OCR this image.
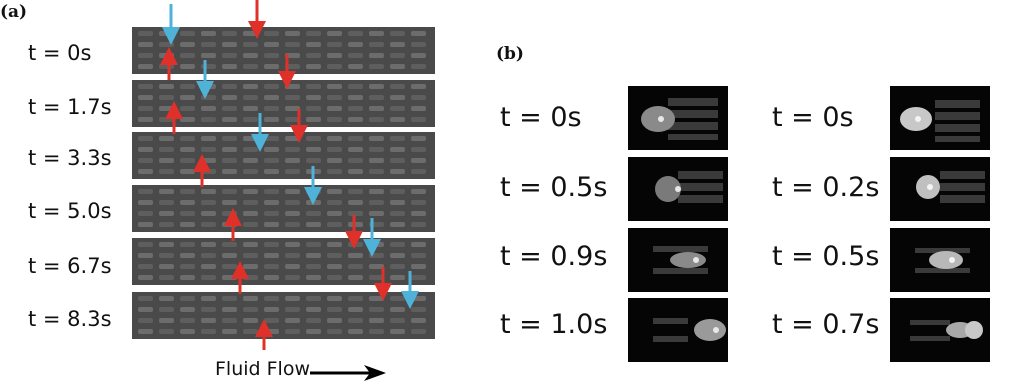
(a)
(b)
t = 0s
t = 1.7s
t = 3.3s
t = 5.0s
t = 6.7s
t = 8.3s
Fluid Flow
t = 0s
t = 0.5s
t = 0.9s
t = 1.0s
t = 0s
t = 0.2s
t = 0.5s
t = 0.7s
